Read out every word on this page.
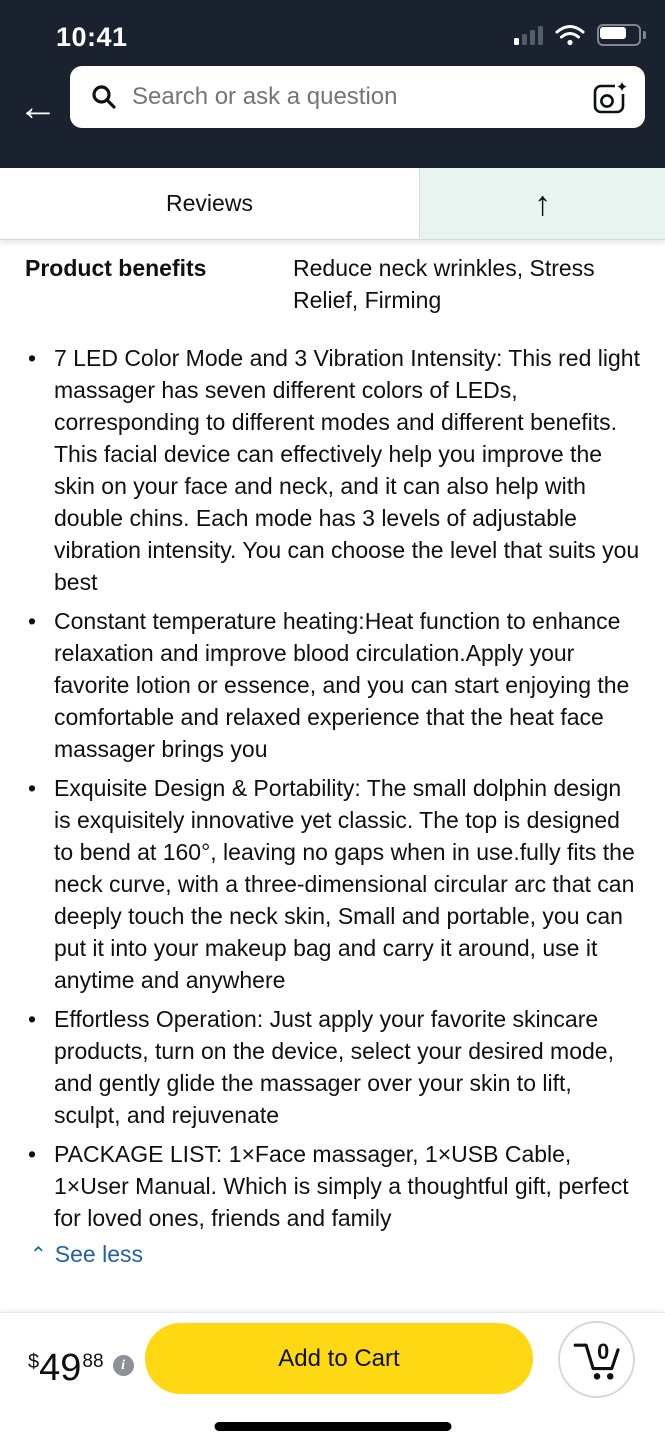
10:41
←
Search or ask a question	✦
Reviews	↑
Product benefits	Reduce neck wrinkles, Stress Relief, Firming
• 7 LED Color Mode and 3 Vibration Intensity: This red light massager has seven different colors of LEDs, corresponding to different modes and different benefits. This facial device can effectively help you improve the skin on your face and neck, and it can also help with double chins. Each mode has 3 levels of adjustable vibration intensity. You can choose the level that suits you best
• Constant temperature heating:Heat function to enhance relaxation and improve blood circulation.Apply your favorite lotion or essence, and you can start enjoying the comfortable and relaxed experience that the heat face massager brings you
• Exquisite Design & Portability: The small dolphin design is exquisitely innovative yet classic. The top is designed to bend at 160°, leaving no gaps when in use.fully fits the neck curve, with a three-dimensional circular arc that can deeply touch the neck skin, Small and portable, you can put it into your makeup bag and carry it around, use it anytime and anywhere
• Effortless Operation: Just apply your favorite skincare products, turn on the device, select your desired mode, and gently glide the massager over your skin to lift, sculpt, and rejuvenate
• PACKAGE LIST: 1×Face massager, 1×USB Cable, 1×User Manual. Which is simply a thoughtful gift, perfect for loved ones, friends and family
⌃ See less
$ 49 88	i	Add to Cart	0
